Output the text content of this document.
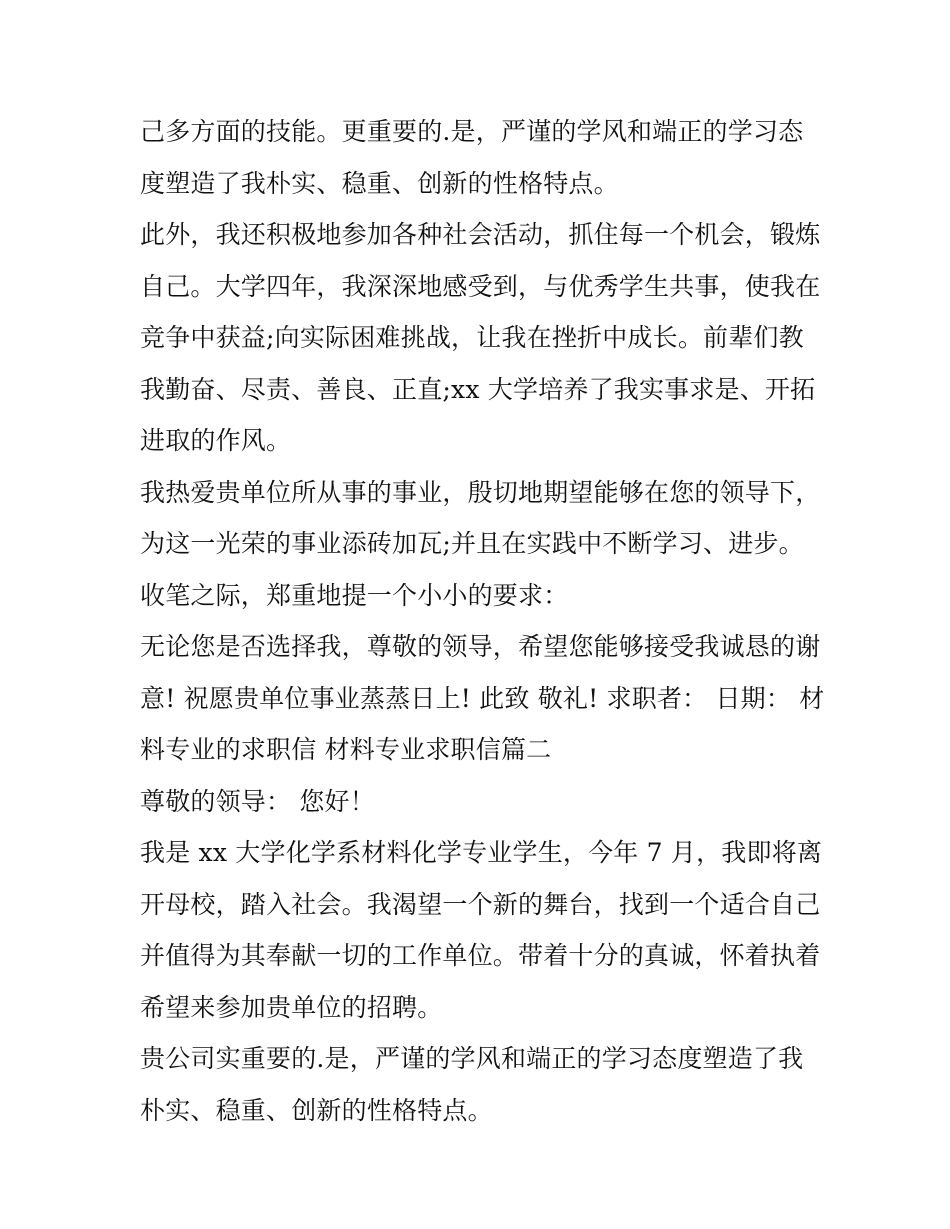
己多方面的技能。更重要的.是，严谨的学风和端正的学习态
度塑造了我朴实、稳重、创新的性格特点。
此外，我还积极地参加各种社会活动，抓住每一个机会，锻炼
自己。大学四年，我深深地感受到，与优秀学生共事，使我在
竞争中获益;向实际困难挑战，让我在挫折中成长。前辈们教
我勤奋、尽责、善良、正直;xx 大学培养了我实事求是、开拓
进取的作风。
我热爱贵单位所从事的事业，殷切地期望能够在您的领导下，
为这一光荣的事业添砖加瓦;并且在实践中不断学习、进步。
收笔之际，郑重地提一个小小的要求：
无论您是否选择我，尊敬的领导，希望您能够接受我诚恳的谢
意! 祝愿贵单位事业蒸蒸日上! 此致 敬礼! 求职者： 日期： 材
料专业的求职信 材料专业求职信篇二
尊敬的领导： 您好！
我是 xx 大学化学系材料化学专业学生，今年 7 月，我即将离
开母校，踏入社会。我渴望一个新的舞台，找到一个适合自己
并值得为其奉献一切的工作单位。带着十分的真诚，怀着执着
希望来参加贵单位的招聘。
贵公司实重要的.是，严谨的学风和端正的学习态度塑造了我
朴实、稳重、创新的性格特点。
